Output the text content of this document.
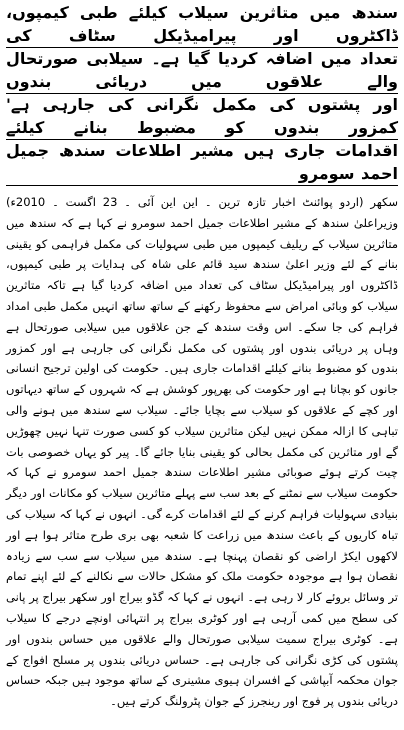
سندھ میں متاثرین سیلاب کیلئے طبی کیمپوں، ڈاکٹروں اور پیرامیڈیکل سٹاف کی
تعداد میں اضافہ کردیا گیا ہے۔ سیلابی صورتحال والے علاقوں میں دریائی بندوں
اور پشتوں کی مکمل نگرانی کی جارہی ہے' کمزور بندوں کو مضبوط بنانے کیلئے
اقدامات جاری ہیں مشیر اطلاعات سندھ جمیل احمد سومرو

سکھر (اردو پوائنٹ اخبار تازہ ترین ۔ این این آئی ۔ 23 اگست ۔ 2010ء) وزیراعلیٰ سندھ کے مشیر اطلاعات جمیل احمد سومرو نے کہا ہے کہ سندھ میں متاثرین سیلاب کے ریلیف کیمپوں میں طبی سہولیات کی مکمل فراہمی کو یقینی بنانے کے لئے وزیر اعلیٰ سندھ سید قائم علی شاہ کی ہدایات پر طبی کیمپوں، ڈاکٹروں اور پیرامیڈیکل سٹاف کی تعداد میں اضافہ کردیا گیا ہے تاکہ متاثرین سیلاب کو وبائی امراض سے محفوظ رکھنے کے ساتھ ساتھ انہیں مکمل طبی امداد فراہم کی جا سکے۔ اس وقت سندھ کے جن علاقوں میں سیلابی صورتحال ہے وہاں پر دریائی بندوں اور پشتوں کی مکمل نگرانی کی جارہی ہے اور کمزور بندوں کو مضبوط بنانے کیلئے اقدامات جاری ہیں۔ حکومت کی اولین ترجیح انسانی جانوں کو بچانا ہے اور حکومت کی بھرپور کوشش ہے کہ شہروں کے ساتھ دیہاتوں اور کچے کے علاقوں کو سیلاب سے بچایا جائے۔ سیلاب سے سندھ میں ہونے والی تباہی کا ازالہ ممکن نہیں لیکن متاثرین سیلاب کو کسی صورت تنہا نہیں چھوڑیں گے اور متاثرین کی مکمل بحالی کو یقینی بنایا جائے گا۔ پیر کو یہاں خصوصی بات چیت کرتے ہوئے صوبائی مشیر اطلاعات سندھ جمیل احمد سومرو نے کہا کہ حکومت سیلاب سے نمٹنے کے بعد سب سے پہلے متاثرین سیلاب کو مکانات اور دیگر بنیادی سہولیات فراہم کرنے کے لئے اقدامات کرے گی۔ انہوں نے کہا کہ سیلاب کی تباہ کاریوں کے باعث سندھ میں زراعت کا شعبہ بھی بری طرح متاثر ہوا ہے اور لاکھوں ایکڑ اراضی کو نقصان پہنچا ہے۔ سندھ میں سیلاب سے سب سے زیادہ نقصان ہوا ہے موجودہ حکومت ملک کو مشکل حالات سے نکالنے کے لئے اپنے تمام تر وسائل بروئے کار لا رہی ہے۔ انہوں نے کہا کہ گڈو بیراج اور سکھر بیراج پر پانی کی سطح میں کمی آرہی ہے اور کوٹری بیراج پر انتہائی اونچے درجے کا سیلاب ہے۔ کوٹری بیراج سمیت سیلابی صورتحال والے علاقوں میں حساس بندوں اور پشتوں کی کڑی نگرانی کی جارہی ہے۔ حساس دریائی بندوں پر مسلح افواج کے جوان محکمہ آبپاشی کے افسران ہیوی مشینری کے ساتھ موجود ہیں جبکہ حساس دریائی بندوں پر فوج اور رینجرز کے جوان پٹرولنگ کرتے ہیں۔
